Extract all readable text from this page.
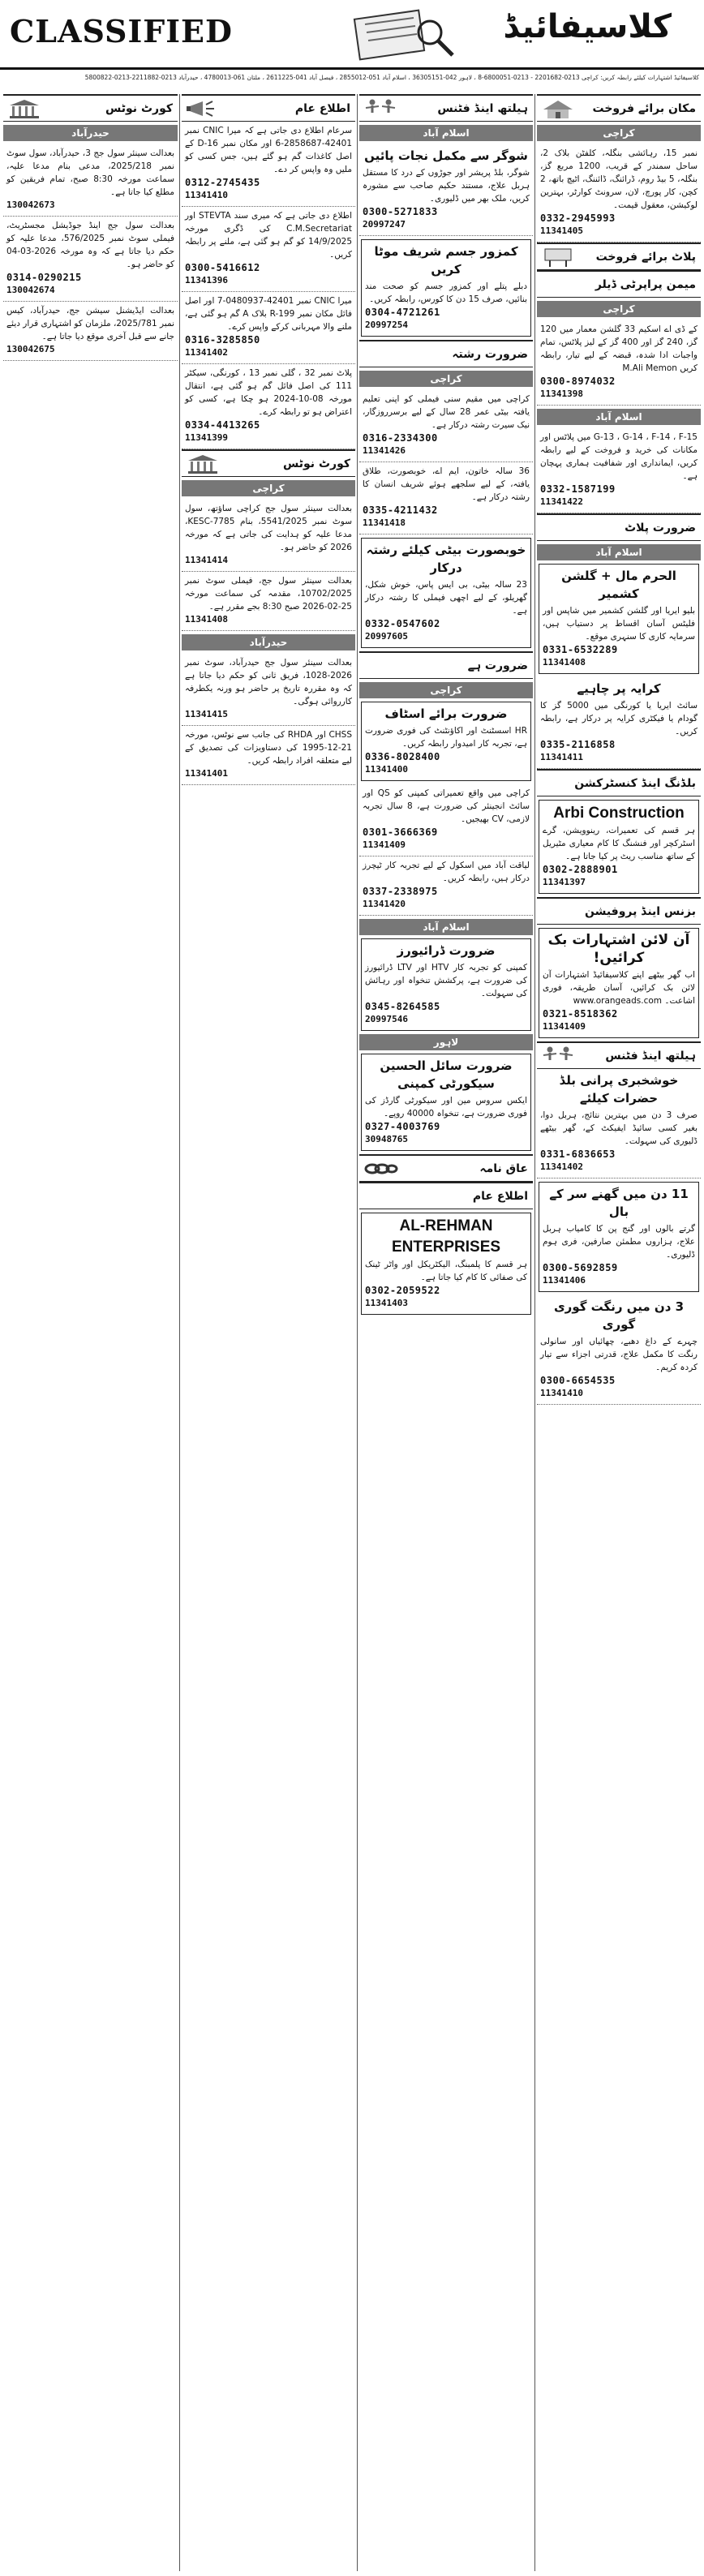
CLASSIFIED	کلاسیفائیڈ
کلاسیفائیڈ اشتہارات کیلئے رابطہ کریں: کراچی 0213-2201682 - 0213-6800051-8 ، لاہور 042-36305151 ، اسلام آباد 051-2855012 ، فیصل آباد 041-2611225 ، ملتان 061-4780013 ، حیدرآباد 0213-2211882-0213-5800822
مکان برائے فروخت
کراچی
نمبر 15، رہائشی بنگلہ، کلفٹن بلاک 2، ساحل سمندر کے قریب، 1200 مربع گز، بنگلہ، 5 بیڈ روم، ڈرائنگ، ڈائننگ، اٹیچ باتھ، 2 کچن، کار پورچ، لان، سرونٹ کوارٹر، بہترین لوکیشن، معقول قیمت۔
0332-2945993
11341405
پلاٹ برائے فروخت
میمن پراپرٹی ڈیلر
کراچی
کے ڈی اے اسکیم 33 گلشن معمار میں 120 گز، 240 گز اور 400 گز کے لیز پلاٹس، تمام واجبات ادا شدہ، قبضہ کے لیے تیار، رابطہ کریں M.Ali Memon
0300-8974032
11341398
اسلام آباد
G-13 ، G-14 ، F-14 ، F-15 میں پلاٹس اور مکانات کی خرید و فروخت کے لیے رابطہ کریں، ایمانداری اور شفافیت ہماری پہچان ہے۔
0332-1587199
11341422
ضرورت پلاٹ
اسلام آباد
الحرم مال + گلشن کشمیر
بلیو ایریا اور گلشن کشمیر میں شاپس اور فلیٹس آسان اقساط پر دستیاب ہیں، سرمایہ کاری کا سنہری موقع۔
0331-6532289
11341408
کرایہ پر چاہیے
سائٹ ایریا یا کورنگی میں 5000 گز کا گودام یا فیکٹری کرایہ پر درکار ہے، رابطہ کریں۔
0335-2116858
11341411
بلڈنگ اینڈ کنسٹرکشن
Arbi Construction
ہر قسم کی تعمیرات، رینوویشن، گرے اسٹرکچر اور فنشنگ کا کام معیاری مٹیریل کے ساتھ مناسب ریٹ پر کیا جاتا ہے۔
0302-2888901
11341397
بزنس اینڈ پروفیشن
آن لائن اشتہارات بک کرائیں!
اب گھر بیٹھے اپنے کلاسیفائیڈ اشتہارات آن لائن بک کرائیں، آسان طریقہ، فوری اشاعت۔ www.orangeads.com
0321-8518362
11341409
ہیلتھ اینڈ فٹنس
خوشخبری پرانی بلڈ حضرات کیلئے
صرف 3 دن میں بہترین نتائج، ہربل دوا، بغیر کسی سائیڈ ایفیکٹ کے، گھر بیٹھے ڈلیوری کی سہولت۔
0331-6836653
11341402
11 دن میں گھنے سر کے بال
گرتے بالوں اور گنج پن کا کامیاب ہربل علاج، ہزاروں مطمئن صارفین، فری ہوم ڈلیوری۔
0300-5692859
11341406
3 دن میں رنگت گوری گوری
چہرے کے داغ دھبے، چھائیاں اور سانولی رنگت کا مکمل علاج، قدرتی اجزاء سے تیار کردہ کریم۔
0300-6654535
11341410
ہیلتھ اینڈ فٹنس
اسلام آباد
شوگر سے مکمل نجات پائیں
شوگر، بلڈ پریشر اور جوڑوں کے درد کا مستقل ہربل علاج، مستند حکیم صاحب سے مشورہ کریں، ملک بھر میں ڈلیوری۔
0300-5271833
20997247
کمزور جسم شریف موٹا کریں
دبلے پتلے اور کمزور جسم کو صحت مند بنائیں، صرف 15 دن کا کورس، رابطہ کریں۔
0304-4721261
20997254
ضرورت رشتہ
کراچی
کراچی میں مقیم سنی فیملی کو اپنی تعلیم یافتہ بیٹی عمر 28 سال کے لیے برسرروزگار، نیک سیرت رشتہ درکار ہے۔
0316-2334300
11341426
36 سالہ خاتون، ایم اے، خوبصورت، طلاق یافتہ، کے لیے سلجھے ہوئے شریف انسان کا رشتہ درکار ہے۔
0335-4211432
11341418
خوبصورت بیٹی کیلئے رشتہ درکار
23 سالہ بیٹی، بی ایس پاس، خوش شکل، گھریلو، کے لیے اچھی فیملی کا رشتہ درکار ہے۔
0332-0547602
20997605
ضرورت ہے
کراچی
ضرورت برائے اسٹاف
HR اسسٹنٹ اور اکاؤنٹنٹ کی فوری ضرورت ہے، تجربہ کار امیدوار رابطہ کریں۔
0336-8028400
11341400
کراچی میں واقع تعمیراتی کمپنی کو QS اور سائٹ انجینئر کی ضرورت ہے، 8 سال تجربہ لازمی، CV بھیجیں۔
0301-3666369
11341409
لیاقت آباد میں اسکول کے لیے تجربہ کار ٹیچرز درکار ہیں، رابطہ کریں۔
0337-2338975
11341420
اسلام آباد
ضرورت ڈرائیورز
کمپنی کو تجربہ کار HTV اور LTV ڈرائیورز کی ضرورت ہے، پرکشش تنخواہ اور رہائش کی سہولت۔
0345-8264585
20997546
لاہور
ضرورت سائل الحسین سیکورٹی کمپنی
ایکس سروس مین اور سیکورٹی گارڈز کی فوری ضرورت ہے، تنخواہ 40000 روپے۔
0327-4003769
30948765
عاق نامہ
اطلاع عام
AL-REHMAN ENTERPRISES
ہر قسم کا پلمبنگ، الیکٹریکل اور واٹر ٹینک کی صفائی کا کام کیا جاتا ہے۔
0302-2059522
11341403
اطلاع عام
سرعام اطلاع دی جاتی ہے کہ میرا CNIC نمبر 42401-2858687-6 اور مکان نمبر D-16 کے اصل کاغذات گم ہو گئے ہیں، جس کسی کو ملیں وہ واپس کر دے۔
0312-2745435
11341410
اطلاع دی جاتی ہے کہ میری سند STEVTA اور C.M.Secretariat کی ڈگری مورخہ 14/9/2025 کو گم ہو گئی ہے، ملنے پر رابطہ کریں۔
0300-5416612
11341396
میرا CNIC نمبر 42401-0480937-7 اور اصل فائل مکان نمبر R-199 بلاک A گم ہو گئی ہے، ملنے والا مہربانی کرکے واپس کرے۔
0316-3285850
11341402
پلاٹ نمبر 32 ، گلی نمبر 13 ، کورنگی، سیکٹر 111 کی اصل فائل گم ہو گئی ہے، انتقال مورخہ 08-10-2024 ہو چکا ہے، کسی کو اعتراض ہو تو رابطہ کرے۔
0334-4413265
11341399
کورٹ نوٹس
کراچی
بعدالت سینئر سول جج کراچی ساؤتھ، سول سوٹ نمبر 5541/2025، بنام KESC-7785، مدعا علیہ کو ہدایت کی جاتی ہے کہ مورخہ 2026 کو حاضر ہو۔
11341414
بعدالت سینئر سول جج، فیملی سوٹ نمبر 10702/2025، مقدمہ کی سماعت مورخہ 25-02-2026 صبح 8:30 بجے مقرر ہے۔
11341408
حیدرآباد
بعدالت سینئر سول جج حیدرآباد، سوٹ نمبر 2026-1028، فریق ثانی کو حکم دیا جاتا ہے کہ وہ مقررہ تاریخ پر حاضر ہو ورنہ یکطرفہ کارروائی ہوگی۔
11341415
CHSS اور RHDA کی جانب سے نوٹس، مورخہ 21-12-1995 کی دستاویزات کی تصدیق کے لیے متعلقہ افراد رابطہ کریں۔
11341401
کورٹ نوٹس
حیدرآباد
بعدالت سینئر سول جج 3، حیدرآباد، سول سوٹ نمبر 2025/218، مدعی بنام مدعا علیہ، سماعت مورخہ 8:30 صبح، تمام فریقین کو مطلع کیا جاتا ہے۔
130042673
بعدالت سول جج اینڈ جوڈیشل مجسٹریٹ، فیملی سوٹ نمبر 576/2025، مدعا علیہ کو حکم دیا جاتا ہے کہ وہ مورخہ 2026-03-04 کو حاضر ہو۔
0314-0290215
130042674
بعدالت ایڈیشنل سیشن جج، حیدرآباد، کیس نمبر 2025/781، ملزمان کو اشتہاری قرار دیئے جانے سے قبل آخری موقع دیا جاتا ہے۔
130042675
